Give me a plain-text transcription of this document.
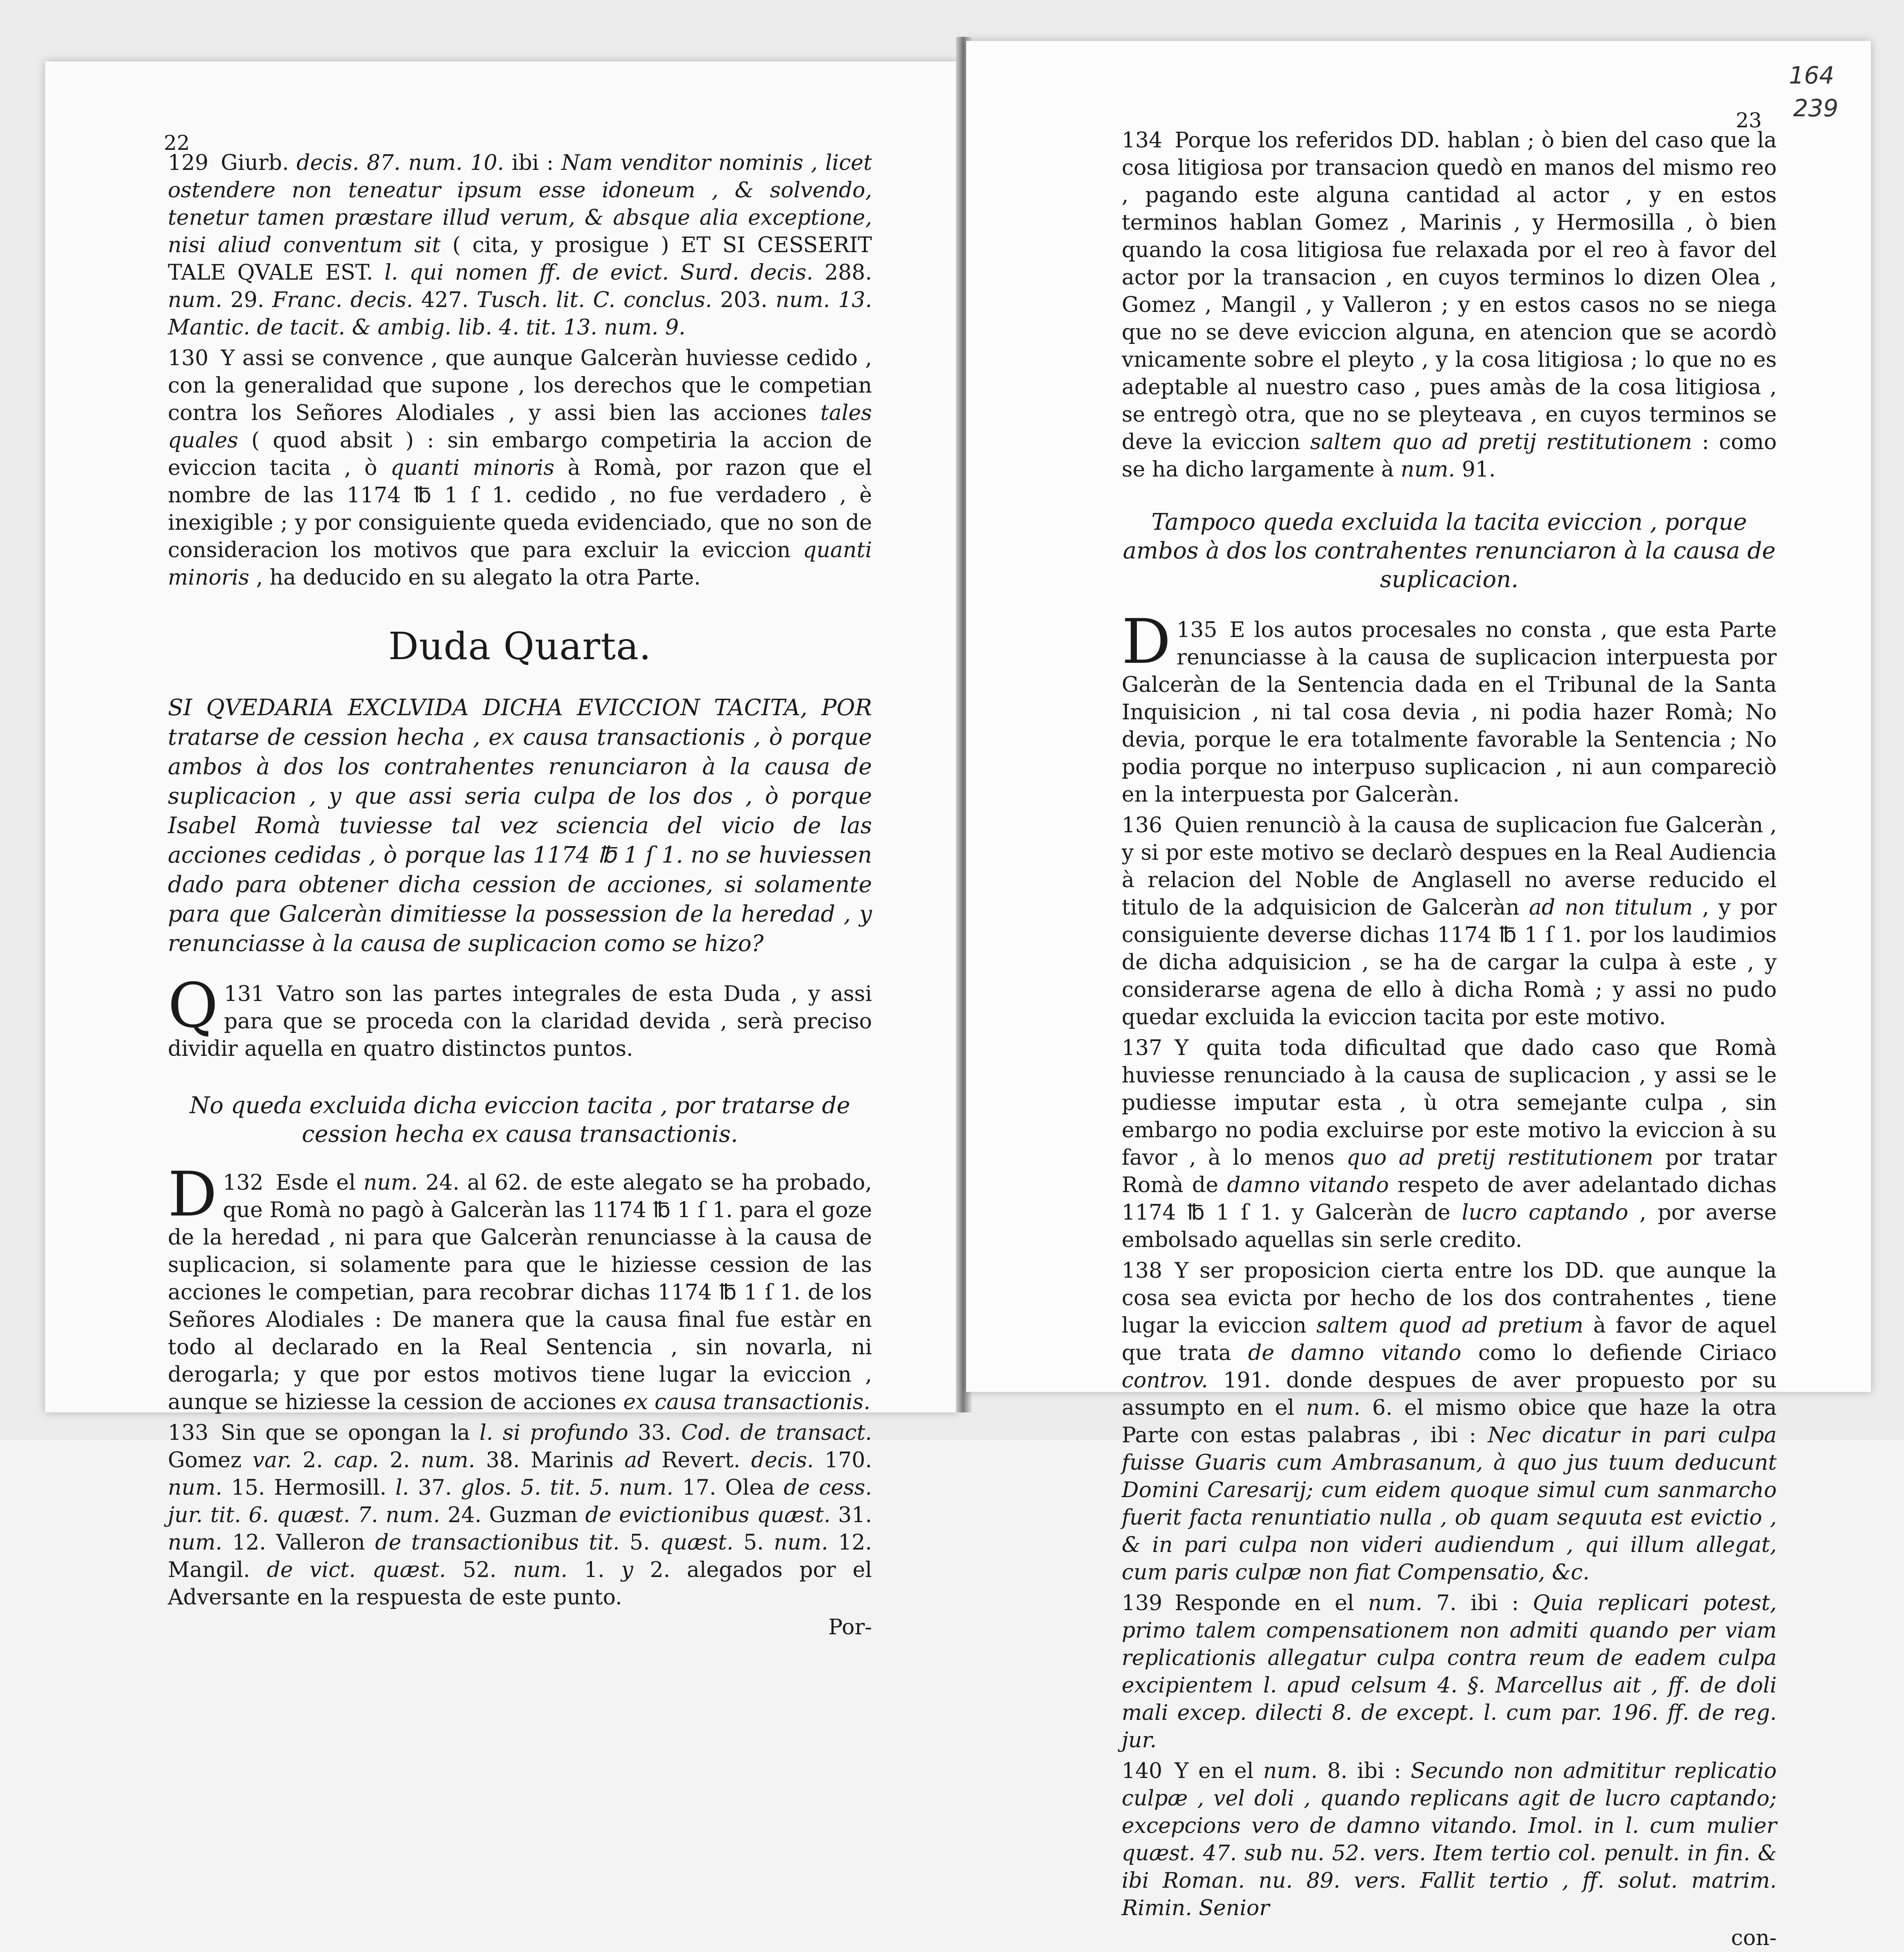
22

129 Giurb. decis. 87. num. 10. ibi : Nam venditor nominis , licet ostendere non teneatur ipsum esse idoneum , & solvendo, tenetur tamen præstare illud verum, & absque alia exceptione, nisi aliud conventum sit ( cita, y prosigue ) ET SI CESSERIT TALE QVALE EST. l. qui nomen ff. de evict. Surd. decis. 288. num. 29. Franc. decis. 427. Tusch. lit. C. conclus. 203. num. 13. Mantic. de tacit. & ambig. lib. 4. tit. 13. num. 9.

130 Y assi se convence , que aunque Galceràn huviesse cedido , con la generalidad que supone , los derechos que le competian contra los Señores Alodiales , y assi bien las acciones tales quales ( quod absit ) : sin embargo competiria la accion de eviccion tacita , ò quanti minoris à Romà, por razon que el nombre de las 1174 ℔ 1 ſ 1. cedido , no fue verdadero , è inexigible ; y por consiguiente queda evidenciado, que no son de consideracion los motivos que para excluir la eviccion quanti minoris , ha deducido en su alegato la otra Parte.

Duda Quarta.

SI QVEDARIA EXCLVIDA DICHA EVICCION TACITA, POR tratarse de cession hecha , ex causa transactionis , ò porque ambos à dos los contrahentes renunciaron à la causa de suplicacion , y que assi seria culpa de los dos , ò porque Isabel Romà tuviesse tal vez sciencia del vicio de las acciones cedidas , ò porque las 1174 ℔ 1 ſ 1. no se huviessen dado para obtener dicha cession de acciones, si solamente para que Galceràn dimitiesse la possession de la heredad , y renunciasse à la causa de suplicacion como se hizo?

131
Q	Vatro son las partes integrales de esta Duda , y assi para que se proceda con la claridad devida , serà preciso dividir aquella en quatro distinctos puntos.

No queda excluida dicha eviccion tacita , por tratarse de cession hecha ex causa transactionis.

132
D	Esde el num. 24. al 62. de este alegato se ha probado, que Romà no pagò à Galceràn las 1174 ℔ 1 ſ 1. para el goze de la heredad , ni para que Galceràn renunciasse à la causa de suplicacion, si solamente para que le hiziesse cession de las acciones le competian, para recobrar dichas 1174 ℔ 1 ſ 1. de los Señores Alodiales : De manera que la causa final fue estàr en todo al declarado en la Real Sentencia , sin novarla, ni derogarla; y que por estos motivos tiene lugar la eviccion , aunque se hiziesse la cession de acciones ex causa transactionis.

133 Sin que se opongan la l. si profundo 33. Cod. de transact. Gomez var. 2. cap. 2. num. 38. Marinis ad Revert. decis. 170. num. 15. Hermosill. l. 37. glos. 5. tit. 5. num. 17. Olea de cess. jur. tit. 6. quæst. 7. num. 24. Guzman de evictionibus quæst. 31. num. 12. Valleron de transactionibus tit. 5. quæst. 5. num. 12. Mangil. de vict. quæst. 52. num. 1. y 2. alegados por el Adversante en la respuesta de este punto.

Por-
164
239
23

134 Porque los referidos DD. hablan ; ò bien del caso que la cosa litigiosa por transacion quedò en manos del mismo reo , pagando este alguna cantidad al actor , y en estos terminos hablan Gomez , Marinis , y Hermosilla , ò bien quando la cosa litigiosa fue relaxada por el reo à favor del actor por la transacion , en cuyos terminos lo dizen Olea , Gomez , Mangil , y Valleron ; y en estos casos no se niega que no se deve eviccion alguna, en atencion que se acordò vnicamente sobre el pleyto , y la cosa litigiosa ; lo que no es adeptable al nuestro caso , pues amàs de la cosa litigiosa , se entregò otra, que no se pleyteava , en cuyos terminos se deve la eviccion saltem quo ad pretij restitutionem : como se ha dicho largamente à num. 91.

Tampoco queda excluida la tacita eviccion , porque ambos à dos los contrahentes renunciaron à la causa de suplicacion.

135
D	E los autos procesales no consta , que esta Parte renunciasse à la causa de suplicacion interpuesta por Galceràn de la Sentencia dada en el Tribunal de la Santa Inquisicion , ni tal cosa devia , ni podia hazer Romà; No devia, porque le era totalmente favorable la Sentencia ; No podia porque no interpuso suplicacion , ni aun compareciò en la interpuesta por Galceràn.

136 Quien renunciò à la causa de suplicacion fue Galceràn , y si por este motivo se declarò despues en la Real Audiencia à relacion del Noble de Anglasell no averse reducido el titulo de la adquisicion de Galceràn ad non titulum , y por consiguiente deverse dichas 1174 ℔ 1 ſ 1. por los laudimios de dicha adquisicion , se ha de cargar la culpa à este , y considerarse agena de ello à dicha Romà ; y assi no pudo quedar excluida la eviccion tacita por este motivo.

137 Y quita toda dificultad que dado caso que Romà huviesse renunciado à la causa de suplicacion , y assi se le pudiesse imputar esta , ù otra semejante culpa , sin embargo no podia excluirse por este motivo la eviccion à su favor , à lo menos quo ad pretij restitutionem por tratar Romà de damno vitando respeto de aver adelantado dichas 1174 ℔ 1 ſ 1. y Galceràn de lucro captando , por averse embolsado aquellas sin serle credito.

138 Y ser proposicion cierta entre los DD. que aunque la cosa sea evicta por hecho de los dos contrahentes , tiene lugar la eviccion saltem quod ad pretium à favor de aquel que trata de damno vitando como lo defiende Ciriaco controv. 191. donde despues de aver propuesto por su assumpto en el num. 6. el mismo obice que haze la otra Parte con estas palabras , ibi : Nec dicatur in pari culpa fuisse Guaris cum Ambrasanum, à quo jus tuum deducunt Domini Caresarij; cum eidem quoque simul cum sanmarcho fuerit facta renuntiatio nulla , ob quam sequuta est evictio , & in pari culpa non videri audiendum , qui illum allegat, cum paris culpæ non fiat Compensatio, &c.

139 Responde en el num. 7. ibi : Quia replicari potest, primo talem compensationem non admiti quando per viam replicationis allegatur culpa contra reum de eadem culpa excipientem l. apud celsum 4. §. Marcellus ait , ff. de doli mali excep. dilecti 8. de except. l. cum par. 196. ff. de reg. jur.

140 Y en el num. 8. ibi : Secundo non admititur replicatio culpæ , vel doli , quando replicans agit de lucro captando; excepcions vero de damno vitando. Imol. in l. cum mulier quæst. 47. sub nu. 52. vers. Item tertio col. penult. in fin. & ibi Roman. nu. 89. vers. Fallit tertio , ff. solut. matrim. Rimin. Senior

con-
